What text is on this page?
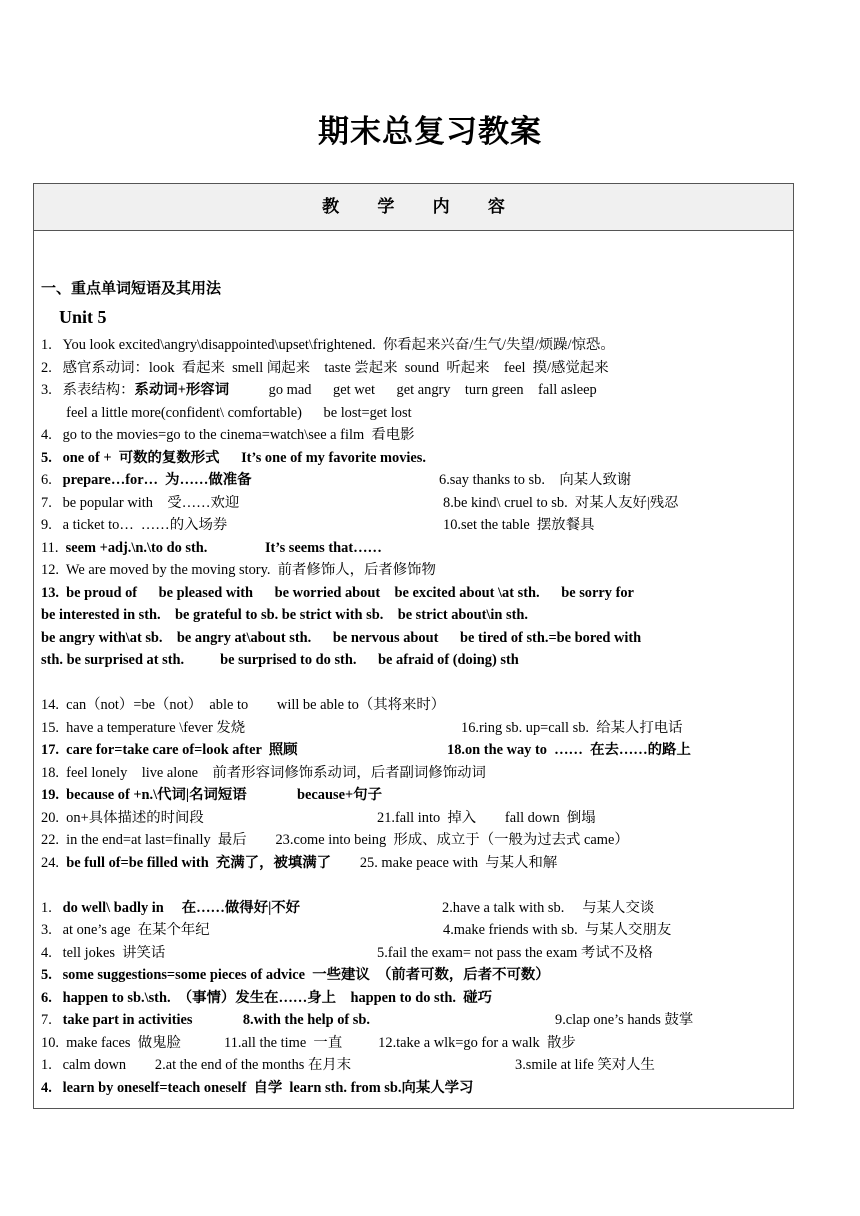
期末总复习教案
教 学 内 容
一、重点单词短语及其用法
Unit 5
1.   You look excited\angry\disappointed\upset\frightened.  你看起来兴奋/生气/失望/烦躁/惊恐。
2.   感官系动词：look  看起来  smell 闻起来    taste 尝起来  sound  听起来    feel  摸/感觉起来
3.   系表结构：系动词+形容词           go mad      get wet      get angry    turn green    fall asleep
feel a little more(confident\ comfortable)      be lost=get lost
4.   go to the movies=go to the cinema=watch\see a film  看电影
5.   one of +  可数的复数形式      It’s one of my favorite movies.
6.   prepare…for…  为……做准备	6.say thanks to sb.    向某人致谢
7.   be popular with    受……欢迎	8.be kind\ cruel to sb.  对某人友好|残忍
9.   a ticket to…  ……的入场券	10.set the table  摆放餐具
11.  seem +adj.\n.\to do sth.                It’s seems that……
12.  We are moved by the moving story.  前者修饰人，后者修饰物
13.  be proud of      be pleased with      be worried about    be excited about \at sth.      be sorry for
be interested in sth.    be grateful to sb. be strict with sb.    be strict about\in sth.
be angry with\at sb.    be angry at\about sth.      be nervous about      be tired of sth.=be bored with
sth. be surprised at sth.          be surprised to do sth.      be afraid of (doing) sth
14.  can（not）=be（not）  able to        will be able to（其将来时）
15.  have a temperature \fever 发烧	16.ring sb. up=call sb.  给某人打电话
17.  care for=take care of=look after  照顾	18.on the way to  ……  在去……的路上
18.  feel lonely    live alone    前者形容词修饰系动词，后者副词修饰动词
19.  because of +n.\代词|名词短语              because+句子
20.  on+具体描述的时间段	21.fall into  掉入        fall down  倒塌
22.  in the end=at last=finally  最后        23.come into being  形成、成立于（一般为过去式 came）
24.  be full of=be filled with  充满了，被填满了        25. make peace with  与某人和解
1.   do well\ badly in     在……做得好|不好	2.have a talk with sb.     与某人交谈
3.   at one’s age  在某个年纪	4.make friends with sb.  与某人交朋友
4.   tell jokes  讲笑话	5.fail the exam= not pass the exam 考试不及格
5.   some suggestions=some pieces of advice  一些建议  （前者可数，后者不可数）
6.   happen to sb.\sth.  （事情）发生在……身上    happen to do sth.  碰巧
7.   take part in activities              8.with the help of sb.	9.clap one’s hands 鼓掌
10.  make faces  做鬼脸            11.all the time  一直          12.take a wlk=go for a walk  散步
1.   calm down        2.at the end of the months 在月末	3.smile at life 笑对人生
4.   learn by oneself=teach oneself  自学  learn sth. from sb.向某人学习
